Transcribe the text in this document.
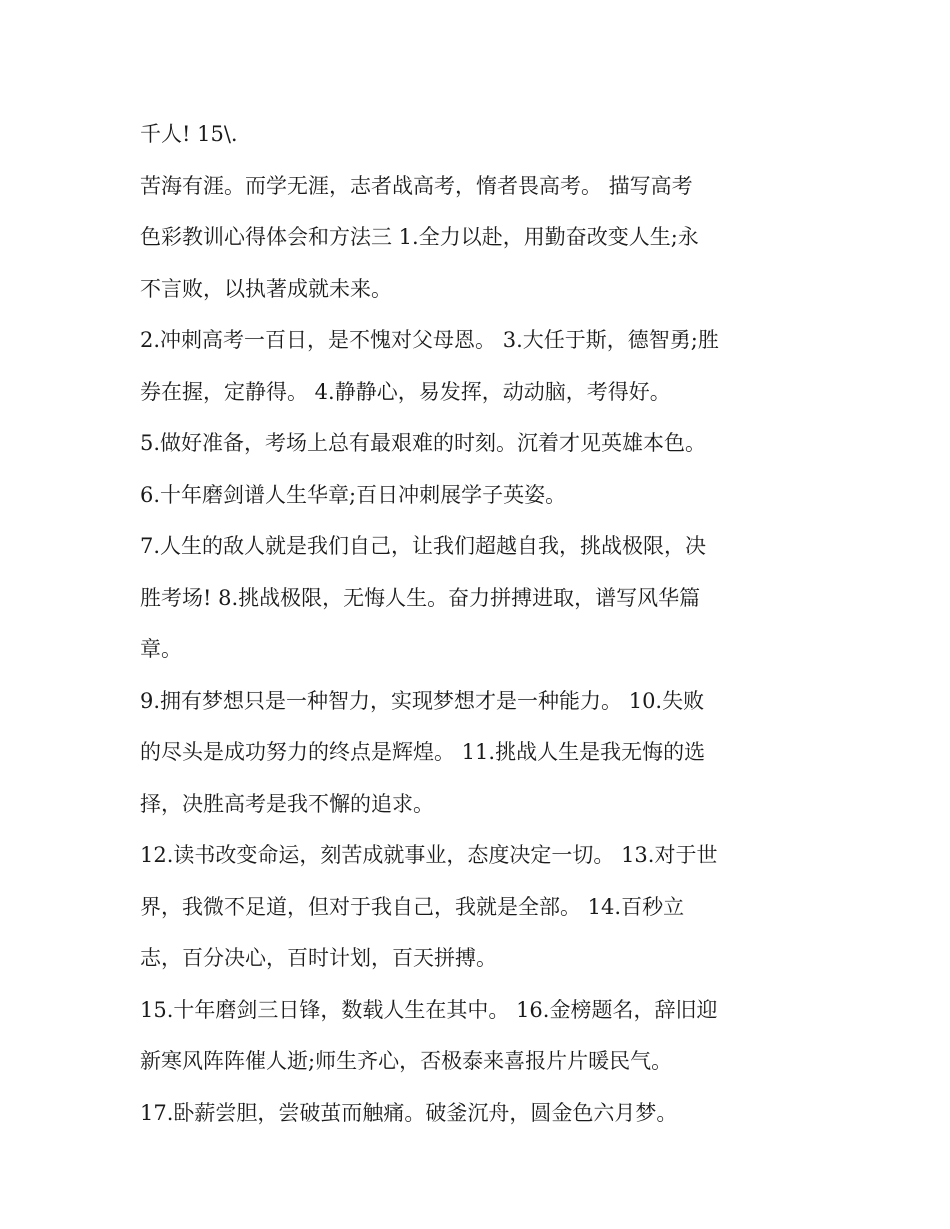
千人! 15\.
苦海有涯。而学无涯，志者战高考，惰者畏高考。 描写高考
色彩教训心得体会和方法三 1.全力以赴，用勤奋改变人生;永
不言败，以执著成就未来。
2.冲刺高考一百日，是不愧对父母恩。 3.大任于斯，德智勇;胜
券在握，定静得。 4.静静心，易发挥，动动脑，考得好。
5.做好准备，考场上总有最艰难的时刻。沉着才见英雄本色。
6.十年磨剑谱人生华章;百日冲刺展学子英姿。
7.人生的敌人就是我们自己，让我们超越自我，挑战极限，决
胜考场! 8.挑战极限，无悔人生。奋力拼搏进取，谱写风华篇
章。
9.拥有梦想只是一种智力，实现梦想才是一种能力。 10.失败
的尽头是成功努力的终点是辉煌。 11.挑战人生是我无悔的选
择，决胜高考是我不懈的追求。
12.读书改变命运，刻苦成就事业，态度决定一切。 13.对于世
界，我微不足道，但对于我自己，我就是全部。 14.百秒立
志，百分决心，百时计划，百天拼搏。
15.十年磨剑三日锋，数载人生在其中。 16.金榜题名，辞旧迎
新寒风阵阵催人逝;师生齐心，否极泰来喜报片片暖民气。
17.卧薪尝胆，尝破茧而触痛。破釜沉舟，圆金色六月梦。
